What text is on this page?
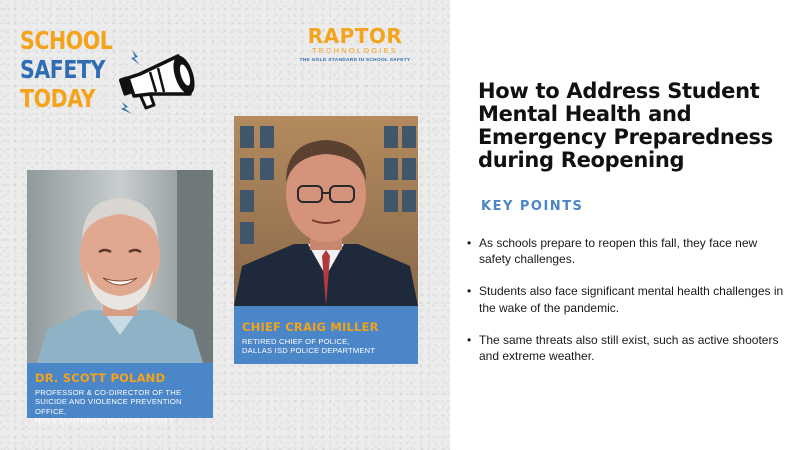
SCHOOL
SAFETY
TODAY
RAPTOR
TECHNOLOGIES
THE GOLD STANDARD IN SCHOOL SAFETY
DR. SCOTT POLAND
PROFESSOR & CO-DIRECTOR OF THE
SUICIDE AND VIOLENCE PREVENTION OFFICE,
NOVA SOUTHEASTERN UNIVERSITY
CHIEF CRAIG MILLER
RETIRED CHIEF OF POLICE,
DALLAS ISD POLICE DEPARTMENT
How to Address Student
Mental Health and
Emergency Preparedness
during Reopening
KEY POINTS
• As schools prepare to reopen this fall, they face new safety challenges.
• Students also face significant mental health challenges in the wake of the pandemic.
• The same threats also still exist, such as active shooters and extreme weather.
